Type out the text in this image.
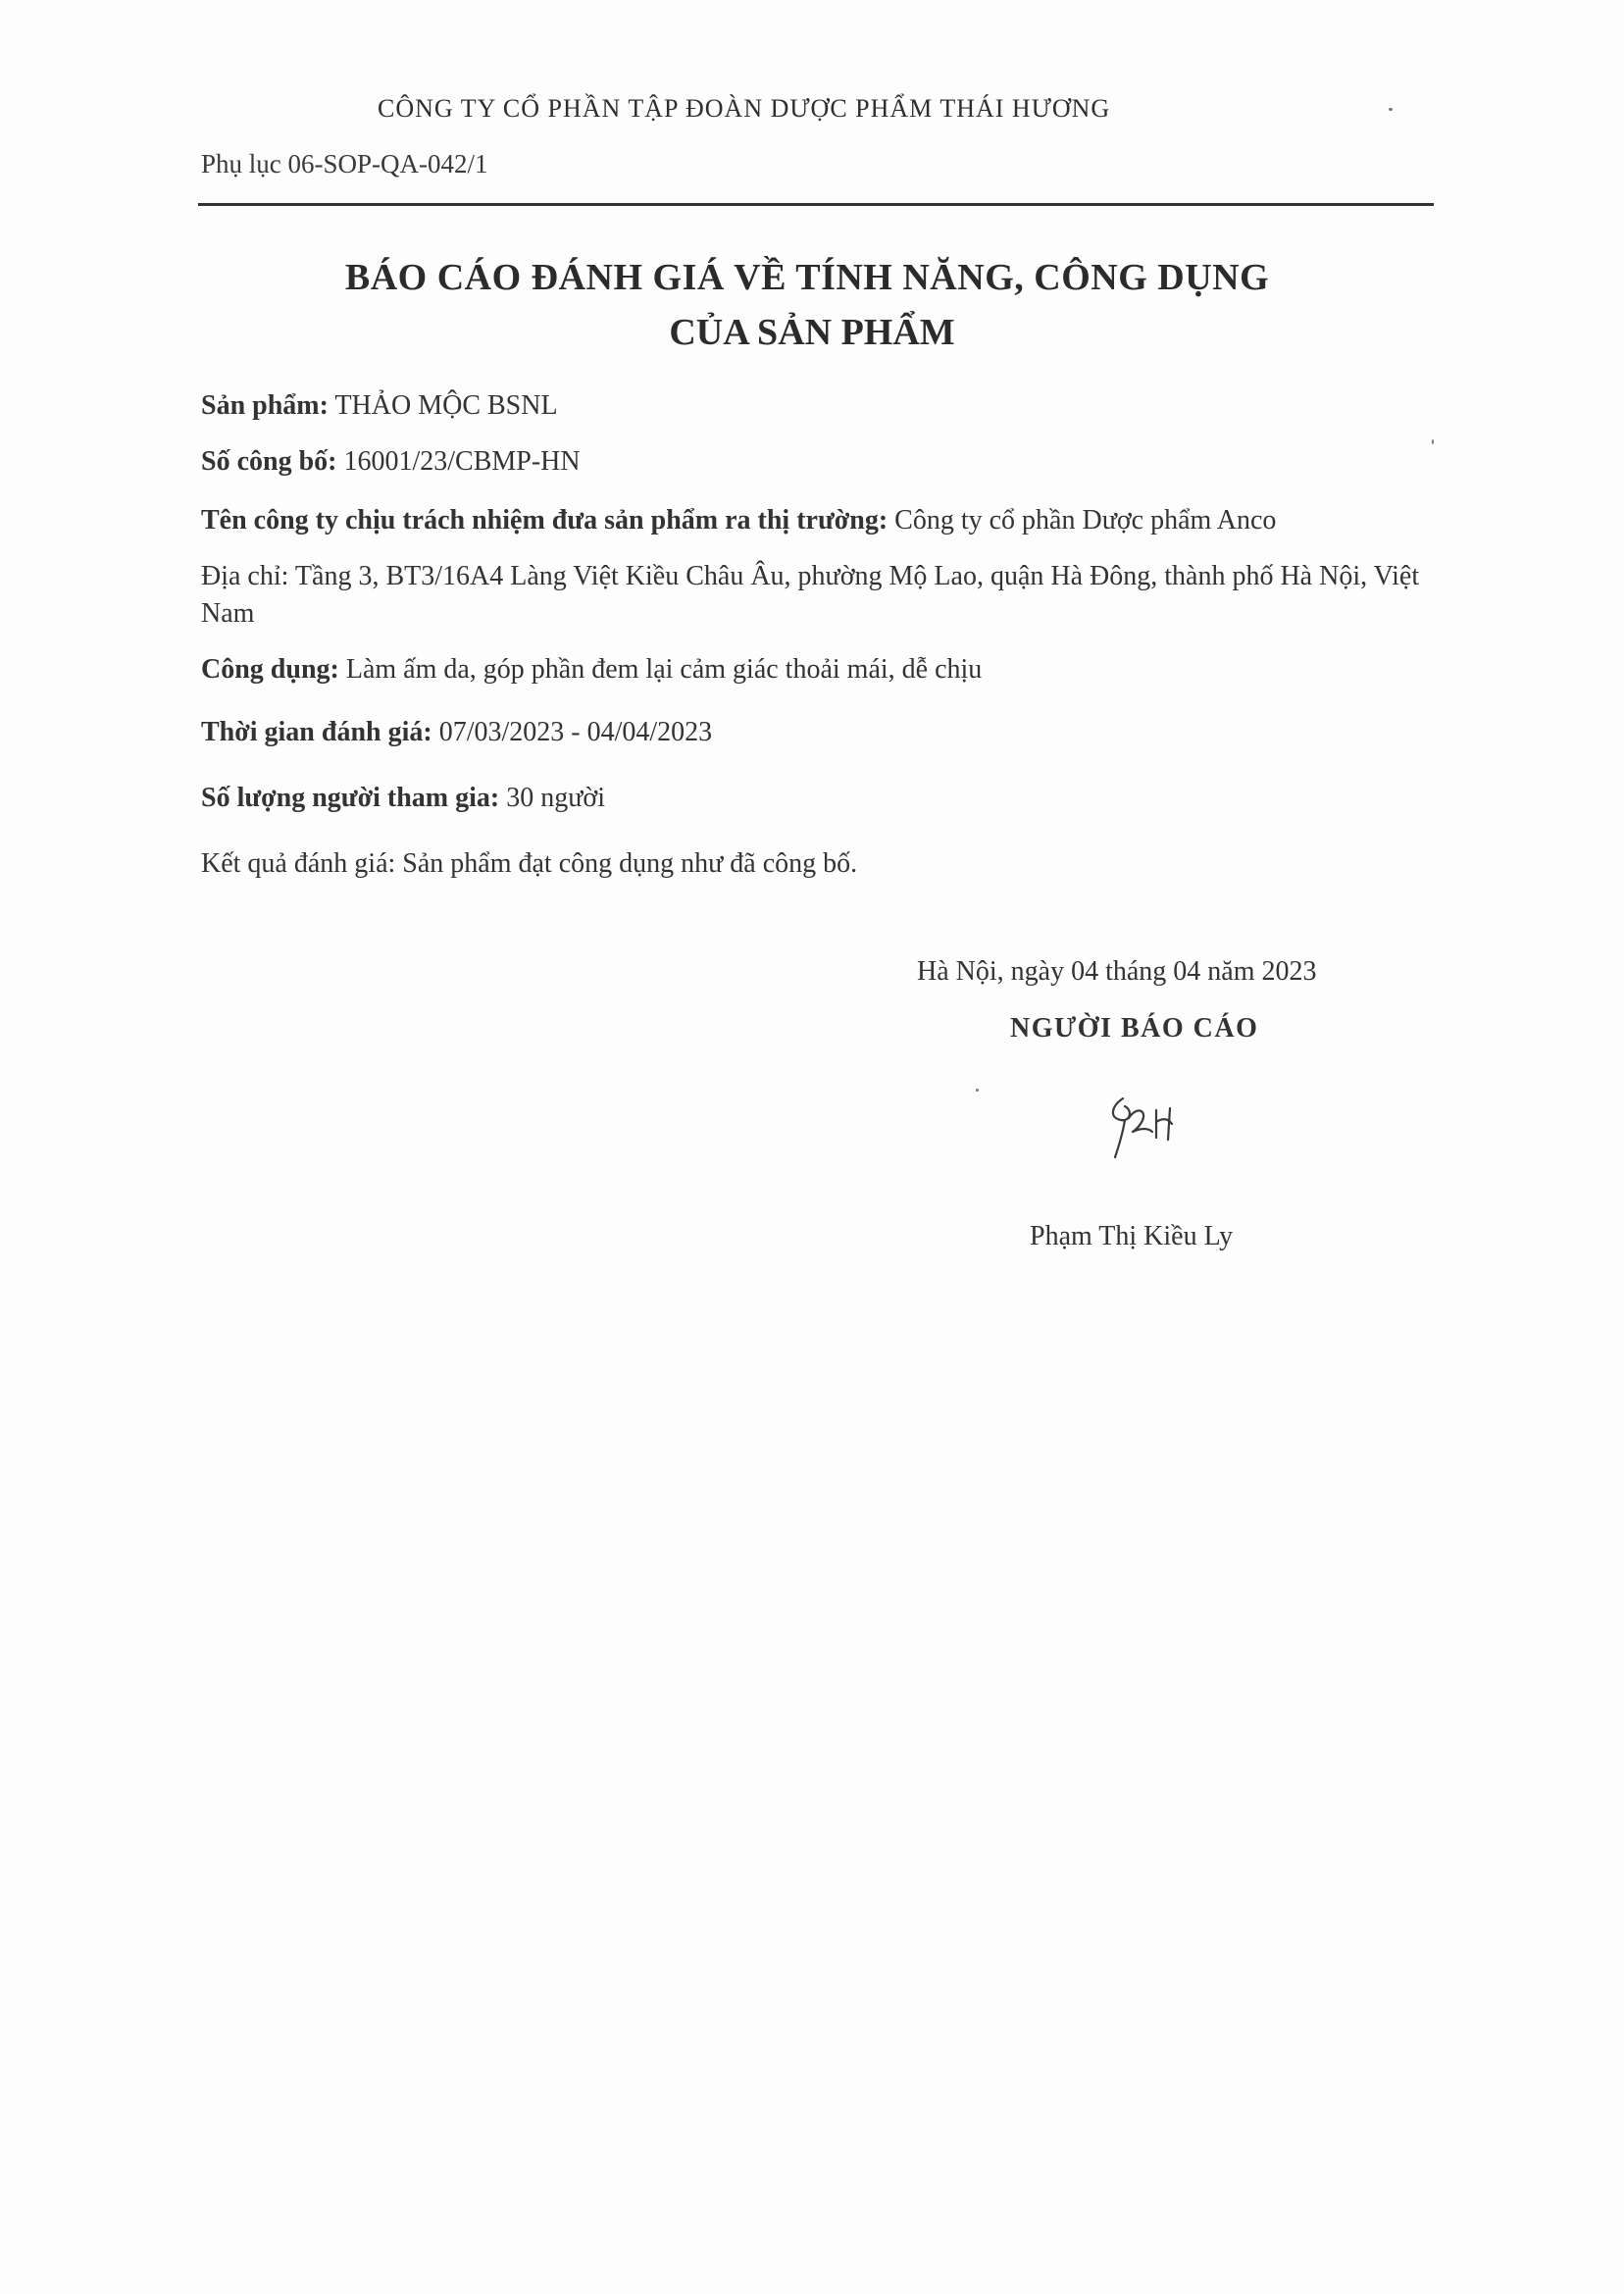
CÔNG TY CỔ PHẦN TẬP ĐOÀN DƯỢC PHẨM THÁI HƯƠNG
Phụ lục 06-SOP-QA-042/1
BÁO CÁO ĐÁNH GIÁ VỀ TÍNH NĂNG, CÔNG DỤNG
CỦA SẢN PHẨM
Sản phẩm: THẢO MỘC BSNL
Số công bố: 16001/23/CBMP-HN
Tên công ty chịu trách nhiệm đưa sản phẩm ra thị trường: Công ty cổ phần Dược phẩm Anco
Địa chỉ: Tầng 3, BT3/16A4 Làng Việt Kiều Châu Âu, phường Mộ Lao, quận Hà Đông, thành phố Hà Nội, Việt Nam
Công dụng: Làm ấm da, góp phần đem lại cảm giác thoải mái, dễ chịu
Thời gian đánh giá: 07/03/2023 - 04/04/2023
Số lượng người tham gia: 30 người
Kết quả đánh giá: Sản phẩm đạt công dụng như đã công bố.
Hà Nội, ngày 04 tháng 04 năm 2023
NGƯỜI BÁO CÁO
Phạm Thị Kiều Ly
